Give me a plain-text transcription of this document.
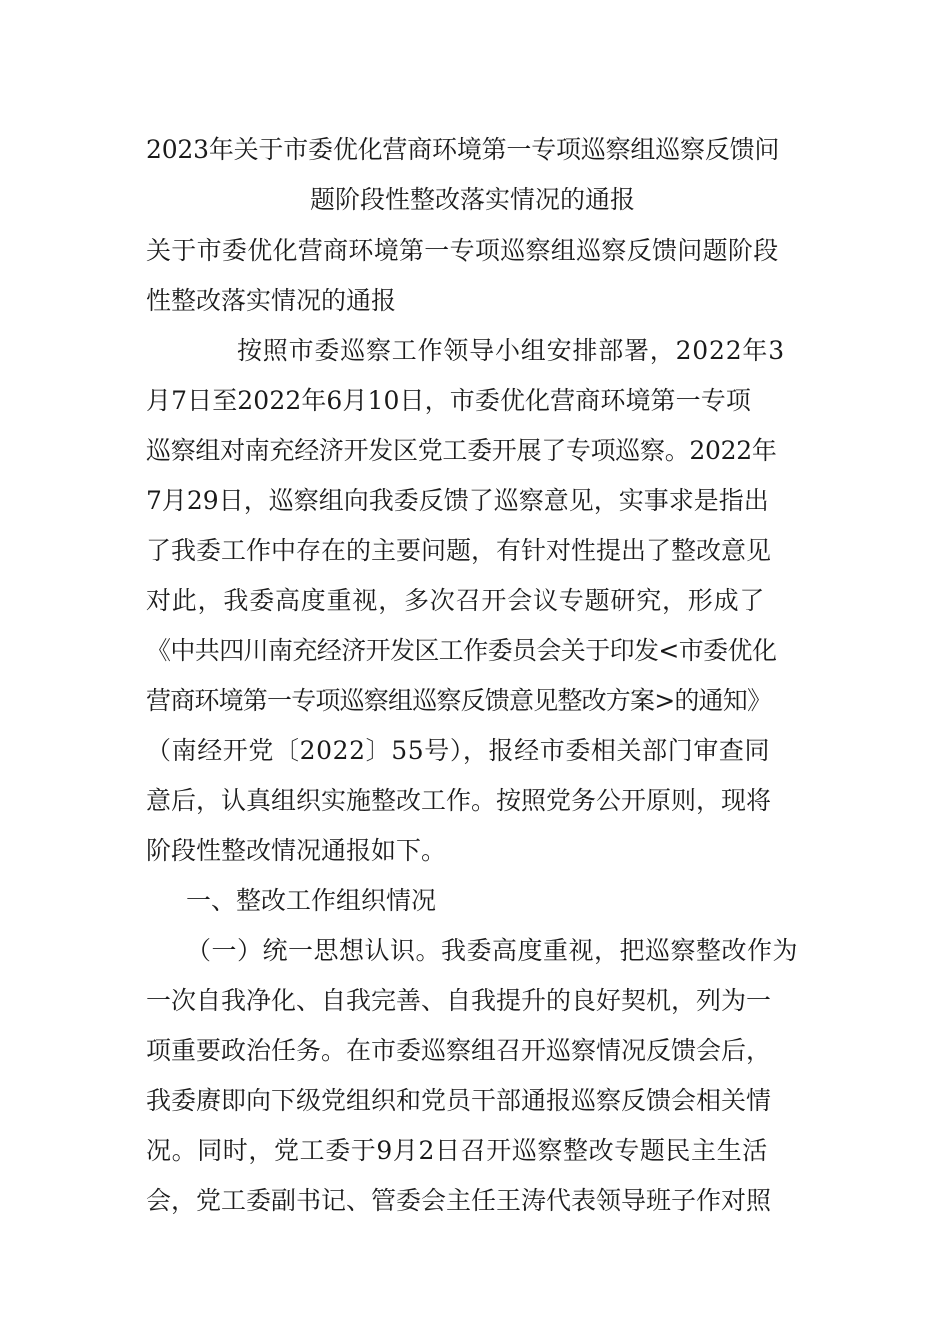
2023年关于市委优化营商环境第一专项巡察组巡察反馈问
题阶段性整改落实情况的通报
关于市委优化营商环境第一专项巡察组巡察反馈问题阶段
性整改落实情况的通报
按照市委巡察工作领导小组安排部署，2022年3
月7日至2022年6月10日，市委优化营商环境第一专项
巡察组对南充经济开发区党工委开展了专项巡察。2022年
7月29日，巡察组向我委反馈了巡察意见，实事求是指出
了我委工作中存在的主要问题，有针对性提出了整改意见
对此，我委高度重视，多次召开会议专题研究，形成了
《中共四川南充经济开发区工作委员会关于印发<市委优化
营商环境第一专项巡察组巡察反馈意见整改方案>的通知》
（南经开党〔2022〕55号），报经市委相关部门审查同
意后，认真组织实施整改工作。按照党务公开原则，现将
阶段性整改情况通报如下。
一、整改工作组织情况
（一）统一思想认识。我委高度重视，把巡察整改作为
一次自我净化、自我完善、自我提升的良好契机，列为一
项重要政治任务。在市委巡察组召开巡察情况反馈会后，
我委赓即向下级党组织和党员干部通报巡察反馈会相关情
况。同时，党工委于9月2日召开巡察整改专题民主生活
会，党工委副书记、管委会主任王涛代表领导班子作对照
